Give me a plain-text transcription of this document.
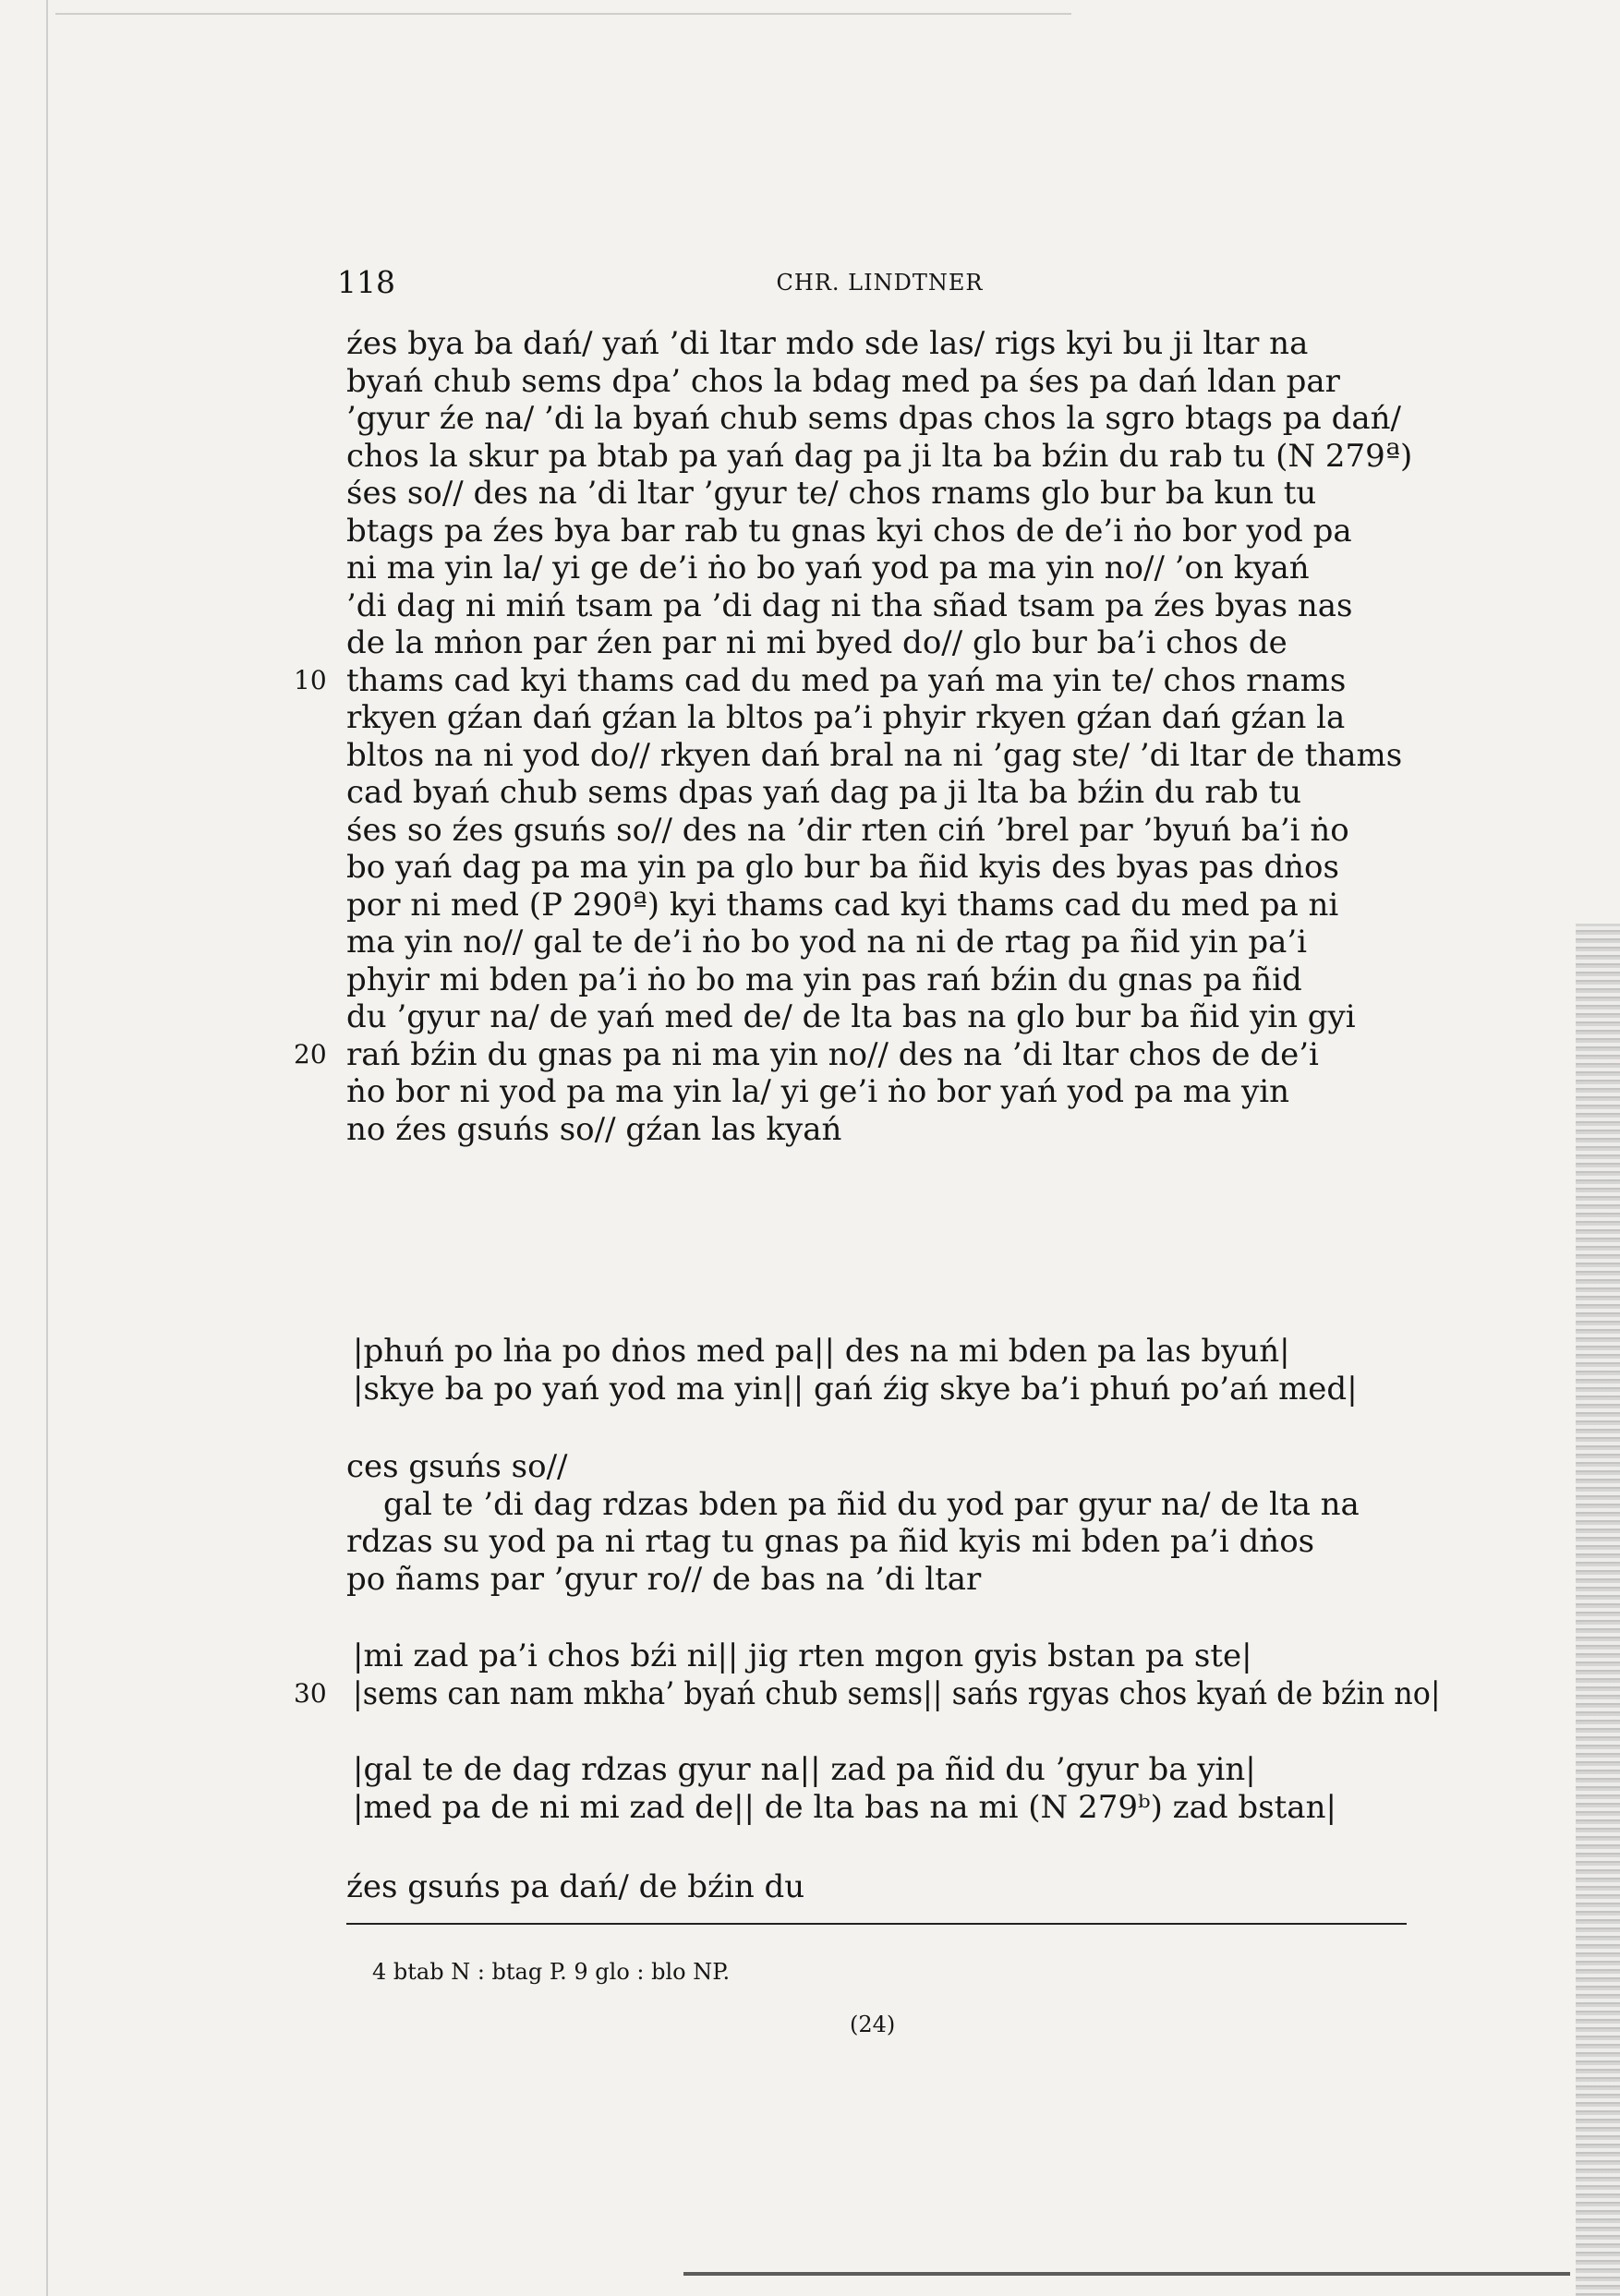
118	CHR. LINDTNER
źes bya ba dań/ yań ’di ltar mdo sde las/ rigs kyi bu ji ltar na
byań chub sems dpa’ chos la bdag med pa śes pa dań ldan par
’gyur źe na/ ’di la byań chub sems dpas chos la sgro btags pa dań/
chos la skur pa btab pa yań dag pa ji lta ba bźin du rab tu (N 279ª)
śes so// des na ’di ltar ’gyur te/ chos rnams glo bur ba kun tu
btags pa źes bya bar rab tu gnas kyi chos de de’i ṅo bor yod pa
ni ma yin la/ yi ge de’i ṅo bo yań yod pa ma yin no// ’on kyań
’di dag ni miń tsam pa ’di dag ni tha sñad tsam pa źes byas nas
de la mṅon par źen par ni mi byed do// glo bur ba’i chos de
thams cad kyi thams cad du med pa yań ma yin te/ chos rnams
10
rkyen gźan dań gźan la bltos pa’i phyir rkyen gźan dań gźan la
bltos na ni yod do// rkyen dań bral na ni ’gag ste/ ’di ltar de thams
cad byań chub sems dpas yań dag pa ji lta ba bźin du rab tu
śes so źes gsuńs so// des na ’dir rten ciń ’brel par ’byuń ba’i ṅo
bo yań dag pa ma yin pa glo bur ba ñid kyis des byas pas dṅos
por ni med (P 290ª) kyi thams cad kyi thams cad du med pa ni
ma yin no// gal te de’i ṅo bo yod na ni de rtag pa ñid yin pa’i
phyir mi bden pa’i ṅo bo ma yin pas rań bźin du gnas pa ñid
du ’gyur na/ de yań med de/ de lta bas na glo bur ba ñid yin gyi
rań bźin du gnas pa ni ma yin no// des na ’di ltar chos de de’i
20
ṅo bor ni yod pa ma yin la/ yi ge’i ṅo bor yań yod pa ma yin
no źes gsuńs so// gźan las kyań
|phuń po lṅa po dṅos med pa|| des na mi bden pa las byuń|
|skye ba po yań yod ma yin|| gań źig skye ba’i phuń po’ań med|
ces gsuńs so//
gal te ’di dag rdzas bden pa ñid du yod par gyur na/ de lta na
rdzas su yod pa ni rtag tu gnas pa ñid kyis mi bden pa’i dṅos
po ñams par ’gyur ro// de bas na ’di ltar
|mi zad pa’i chos bźi ni|| jig rten mgon gyis bstan pa ste|
|sems can nam mkha’ byań chub sems|| sańs rgyas chos kyań de bźin no|
30
|gal te de dag rdzas gyur na|| zad pa ñid du ’gyur ba yin|
|med pa de ni mi zad de|| de lta bas na mi (N 279ᵇ) zad bstan|
źes gsuńs pa dań/ de bźin du
4 btab N : btag P. 9 glo : blo NP.
(24)
